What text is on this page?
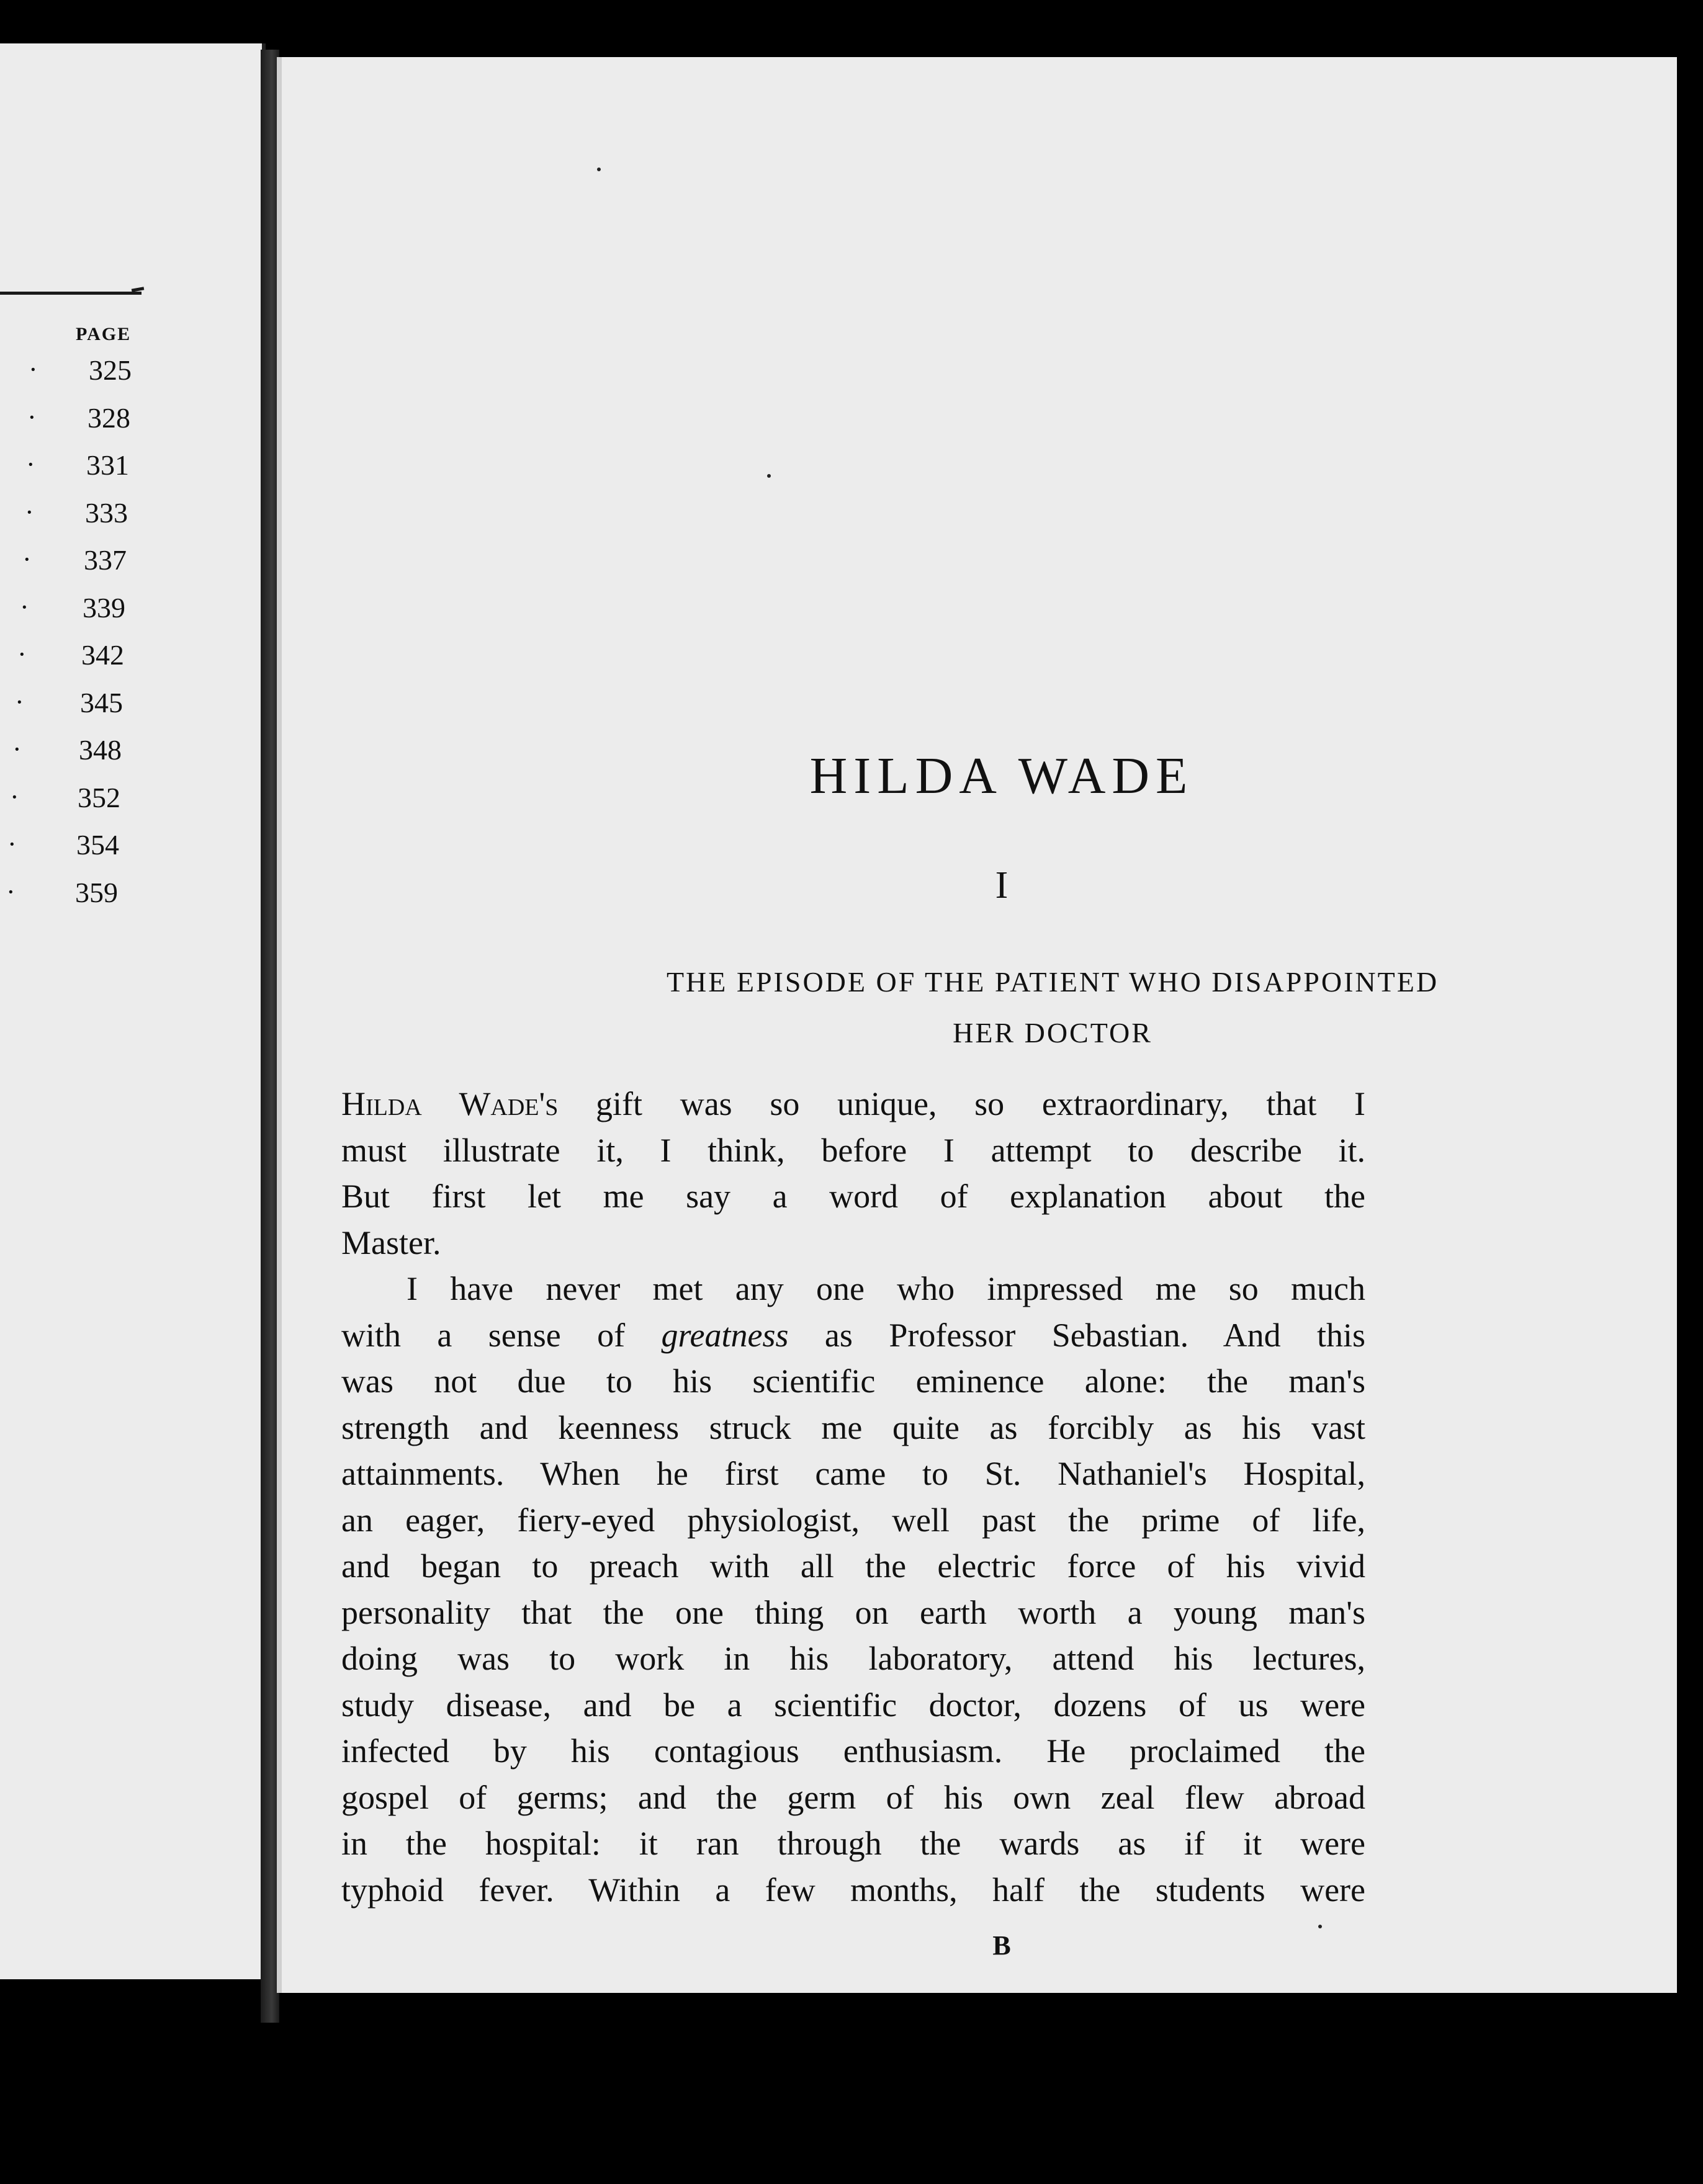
PAGE
· 325
· 328
· 331
· 333
· 337
· 339
· 342
· 345
· 348
· 352
· 354
· 359
HILDA WADE
I
THE EPISODE OF THE PATIENT WHO DISAPPOINTED
HER DOCTOR
Hilda Wade's gift was so unique, so extraordinary, that I
must illustrate it, I think, before I attempt to describe it.
But first let me say a word of explanation about the
Master.
I have never met any one who impressed me so much
with a sense of greatness as Professor Sebastian. And this
was not due to his scientific eminence alone: the man's
strength and keenness struck me quite as forcibly as his vast
attainments. When he first came to St. Nathaniel's Hospital,
an eager, fiery-eyed physiologist, well past the prime of life,
and began to preach with all the electric force of his vivid
personality that the one thing on earth worth a young man's
doing was to work in his laboratory, attend his lectures,
study disease, and be a scientific doctor, dozens of us were
infected by his contagious enthusiasm. He proclaimed the
gospel of germs; and the germ of his own zeal flew abroad
in the hospital: it ran through the wards as if it were
typhoid fever. Within a few months, half the students were
B
